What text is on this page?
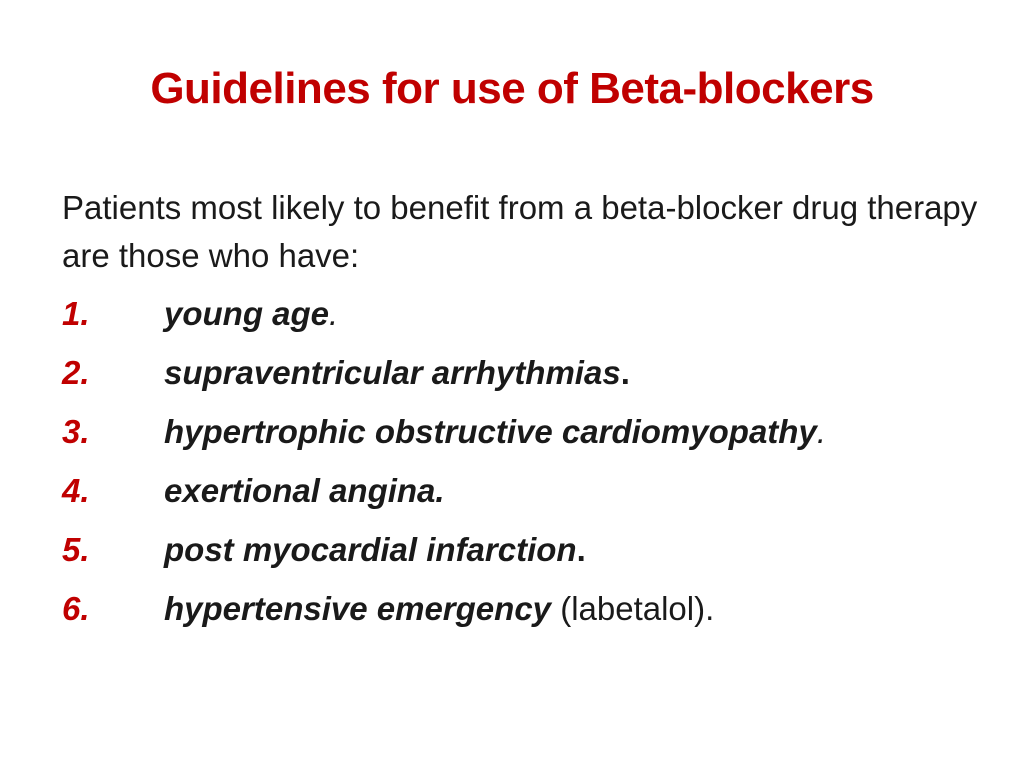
Guidelines for use of Beta-blockers
Patients most likely to benefit from a beta-blocker drug therapy are those who have:
1. young age.
2. supraventricular arrhythmias.
3. hypertrophic obstructive cardiomyopathy.
4. exertional angina.
5. post myocardial infarction.
6. hypertensive emergency (labetalol).
